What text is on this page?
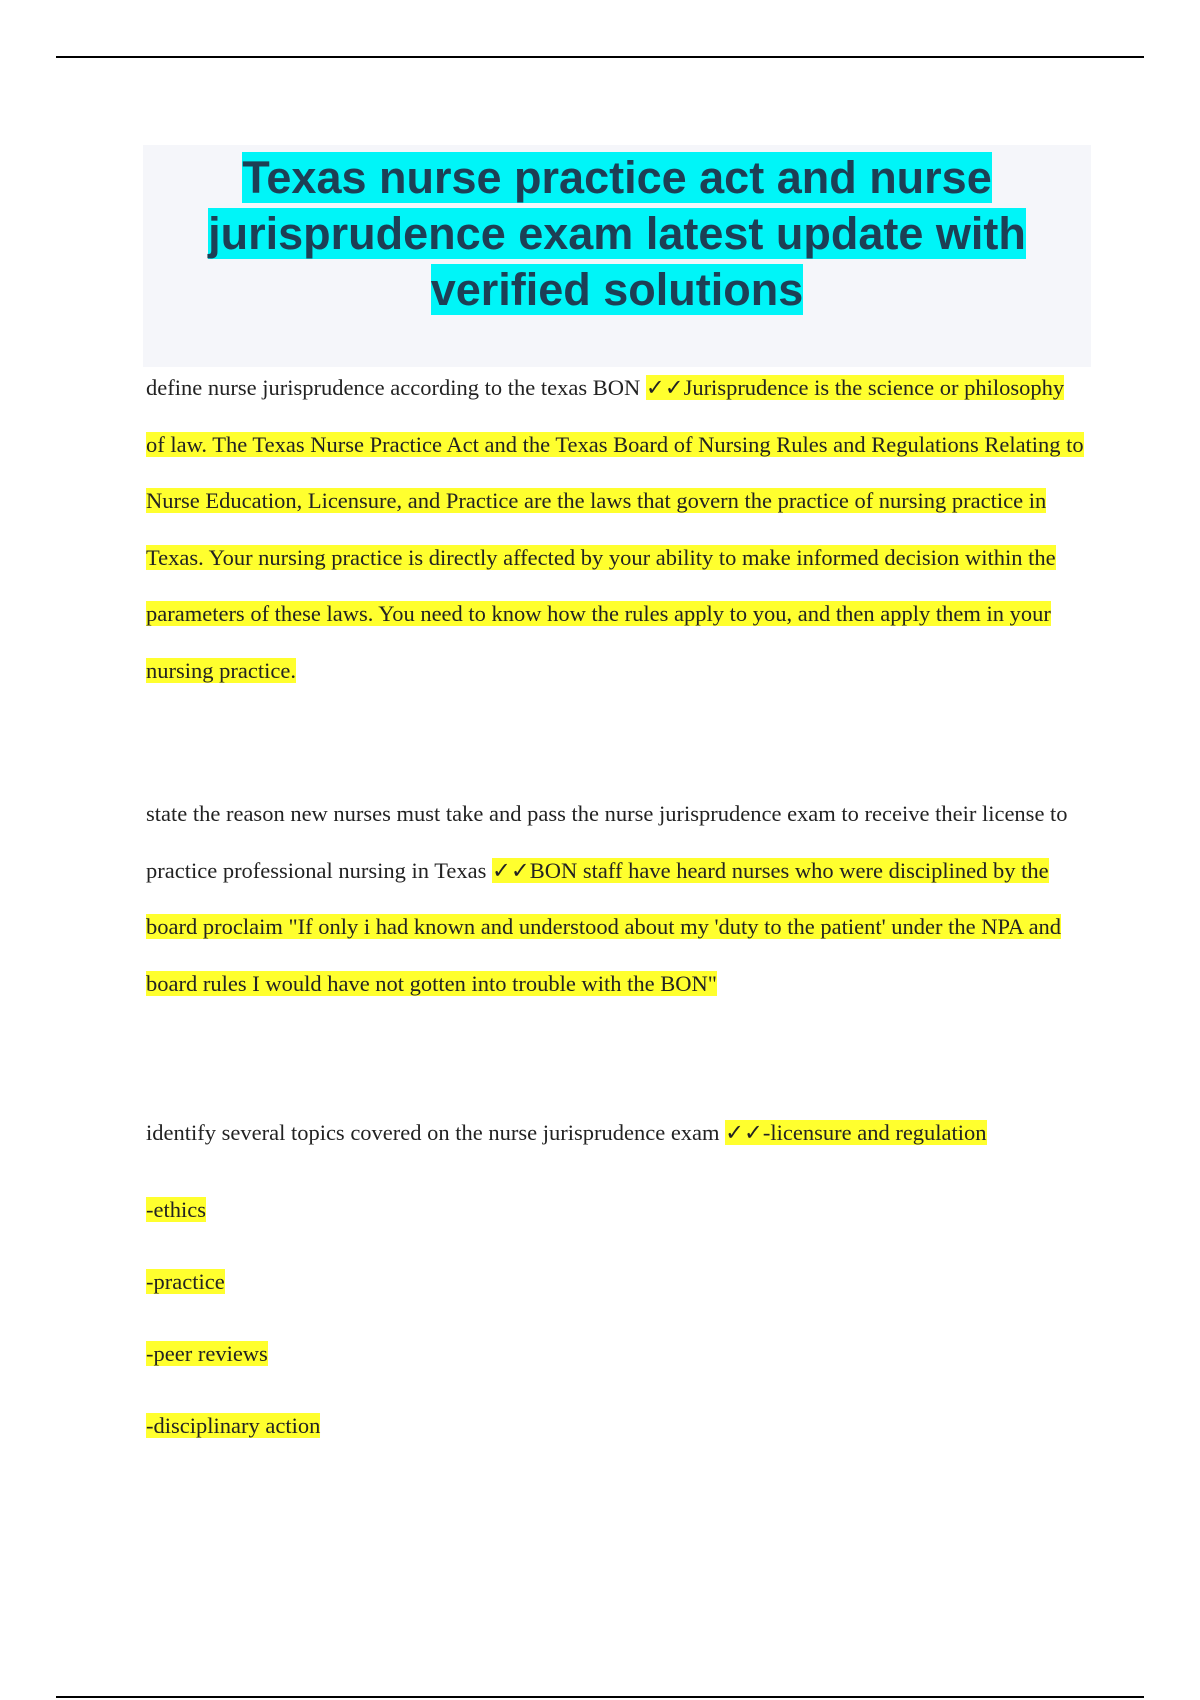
Texas nurse practice act and nurse jurisprudence exam latest update with verified solutions

define nurse jurisprudence according to the texas BON ✓✓Jurisprudence is the science or philosophy of law. The Texas Nurse Practice Act and the Texas Board of Nursing Rules and Regulations Relating to Nurse Education, Licensure, and Practice are the laws that govern the practice of nursing practice in Texas. Your nursing practice is directly affected by your ability to make informed decision within the parameters of these laws. You need to know how the rules apply to you, and then apply them in your nursing practice.

state the reason new nurses must take and pass the nurse jurisprudence exam to receive their license to practice professional nursing in Texas ✓✓BON staff have heard nurses who were disciplined by the board proclaim "If only i had known and understood about my 'duty to the patient' under the NPA and board rules I would have not gotten into trouble with the BON"

identify several topics covered on the nurse jurisprudence exam ✓✓-licensure and regulation

-ethics
-practice
-peer reviews
-disciplinary action
